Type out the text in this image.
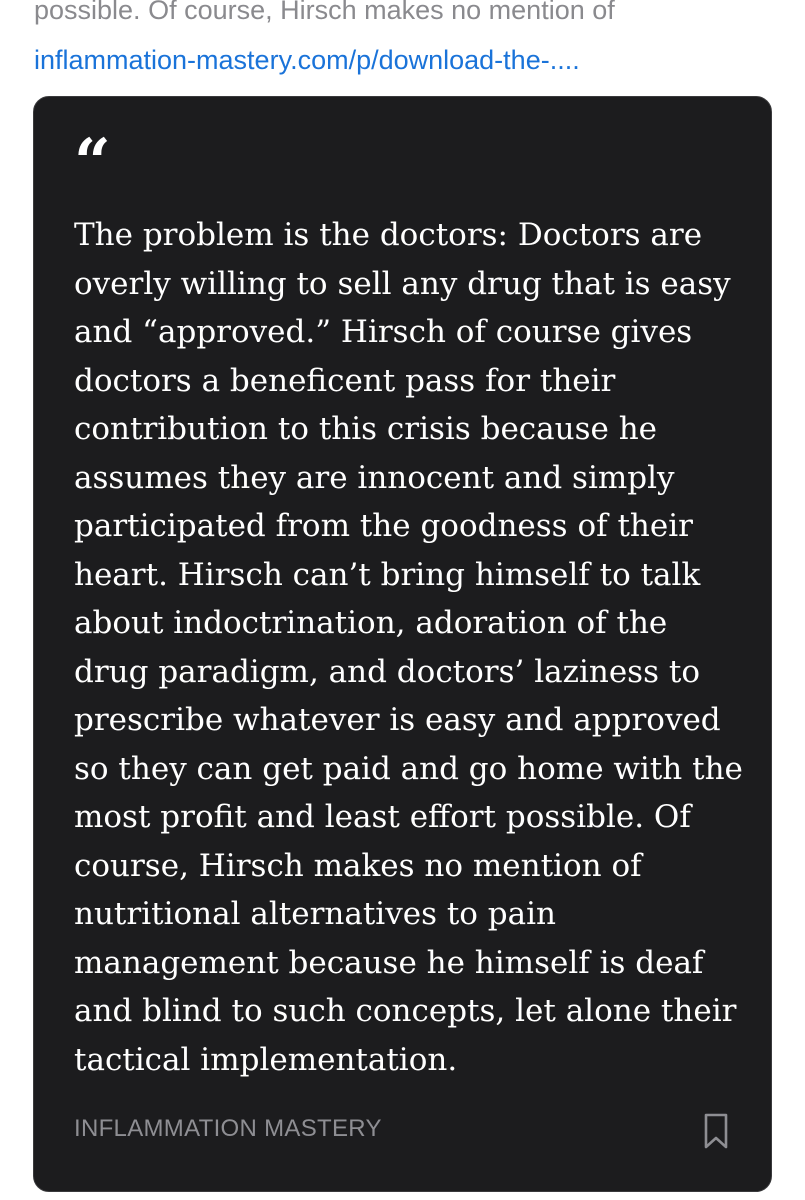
possible. Of course, Hirsch makes no mention of
inflammation-mastery.com/p/download-the-....
“

The problem is the doctors: Doctors are overly willing to sell any drug that is easy and “approved.” Hirsch of course gives doctors a beneficent pass for their contribution to this crisis because he assumes they are innocent and simply participated from the goodness of their heart. Hirsch can’t bring himself to talk about indoctrination, adoration of the drug paradigm, and doctors’ laziness to prescribe whatever is easy and approved so they can get paid and go home with the most profit and least effort possible. Of course, Hirsch makes no mention of nutritional alternatives to pain management because he himself is deaf and blind to such concepts, let alone their tactical implementation.

INFLAMMATION MASTERY
